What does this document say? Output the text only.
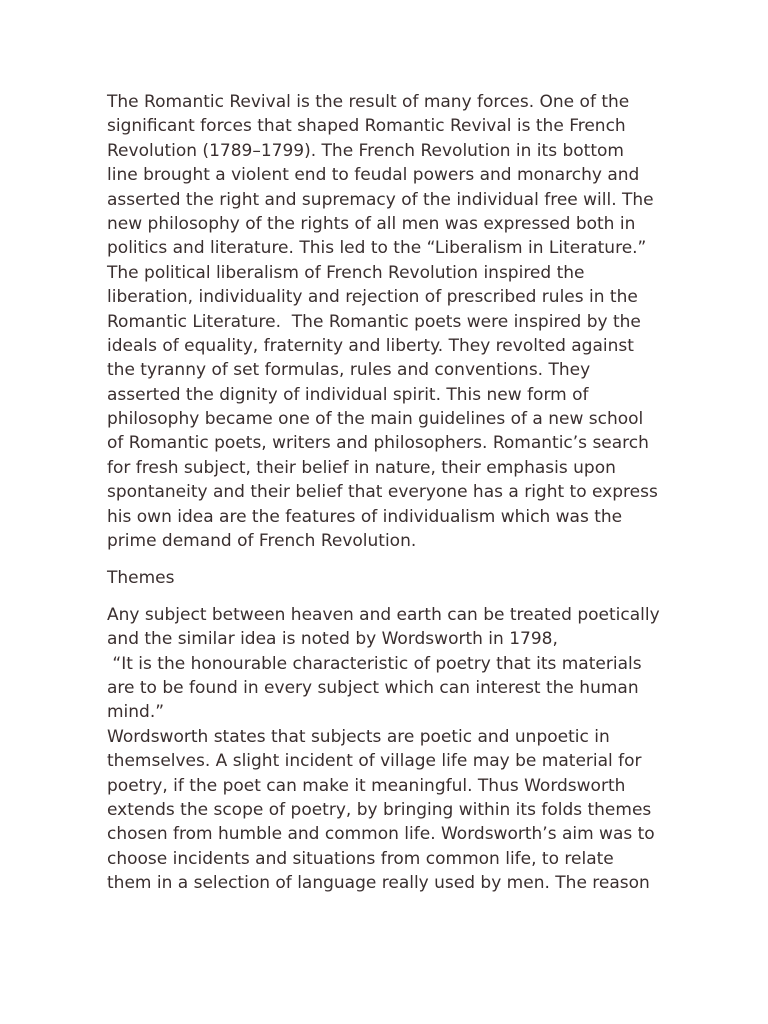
The Romantic Revival is the result of many forces. One of the
significant forces that shaped Romantic Revival is the French
Revolution (1789–1799). The French Revolution in its bottom
line brought a violent end to feudal powers and monarchy and
asserted the right and supremacy of the individual free will. The
new philosophy of the rights of all men was expressed both in
politics and literature. This led to the “Liberalism in Literature.”
The political liberalism of French Revolution inspired the
liberation, individuality and rejection of prescribed rules in the
Romantic Literature.  The Romantic poets were inspired by the
ideals of equality, fraternity and liberty. They revolted against
the tyranny of set formulas, rules and conventions. They
asserted the dignity of individual spirit. This new form of
philosophy became one of the main guidelines of a new school
of Romantic poets, writers and philosophers. Romantic’s search
for fresh subject, their belief in nature, their emphasis upon
spontaneity and their belief that everyone has a right to express
his own idea are the features of individualism which was the
prime demand of French Revolution.
Themes
Any subject between heaven and earth can be treated poetically
and the similar idea is noted by Wordsworth in 1798,
“It is the honourable characteristic of poetry that its materials
are to be found in every subject which can interest the human
mind.”
Wordsworth states that subjects are poetic and unpoetic in
themselves. A slight incident of village life may be material for
poetry, if the poet can make it meaningful. Thus Wordsworth
extends the scope of poetry, by bringing within its folds themes
chosen from humble and common life. Wordsworth’s aim was to
choose incidents and situations from common life, to relate
them in a selection of language really used by men. The reason
